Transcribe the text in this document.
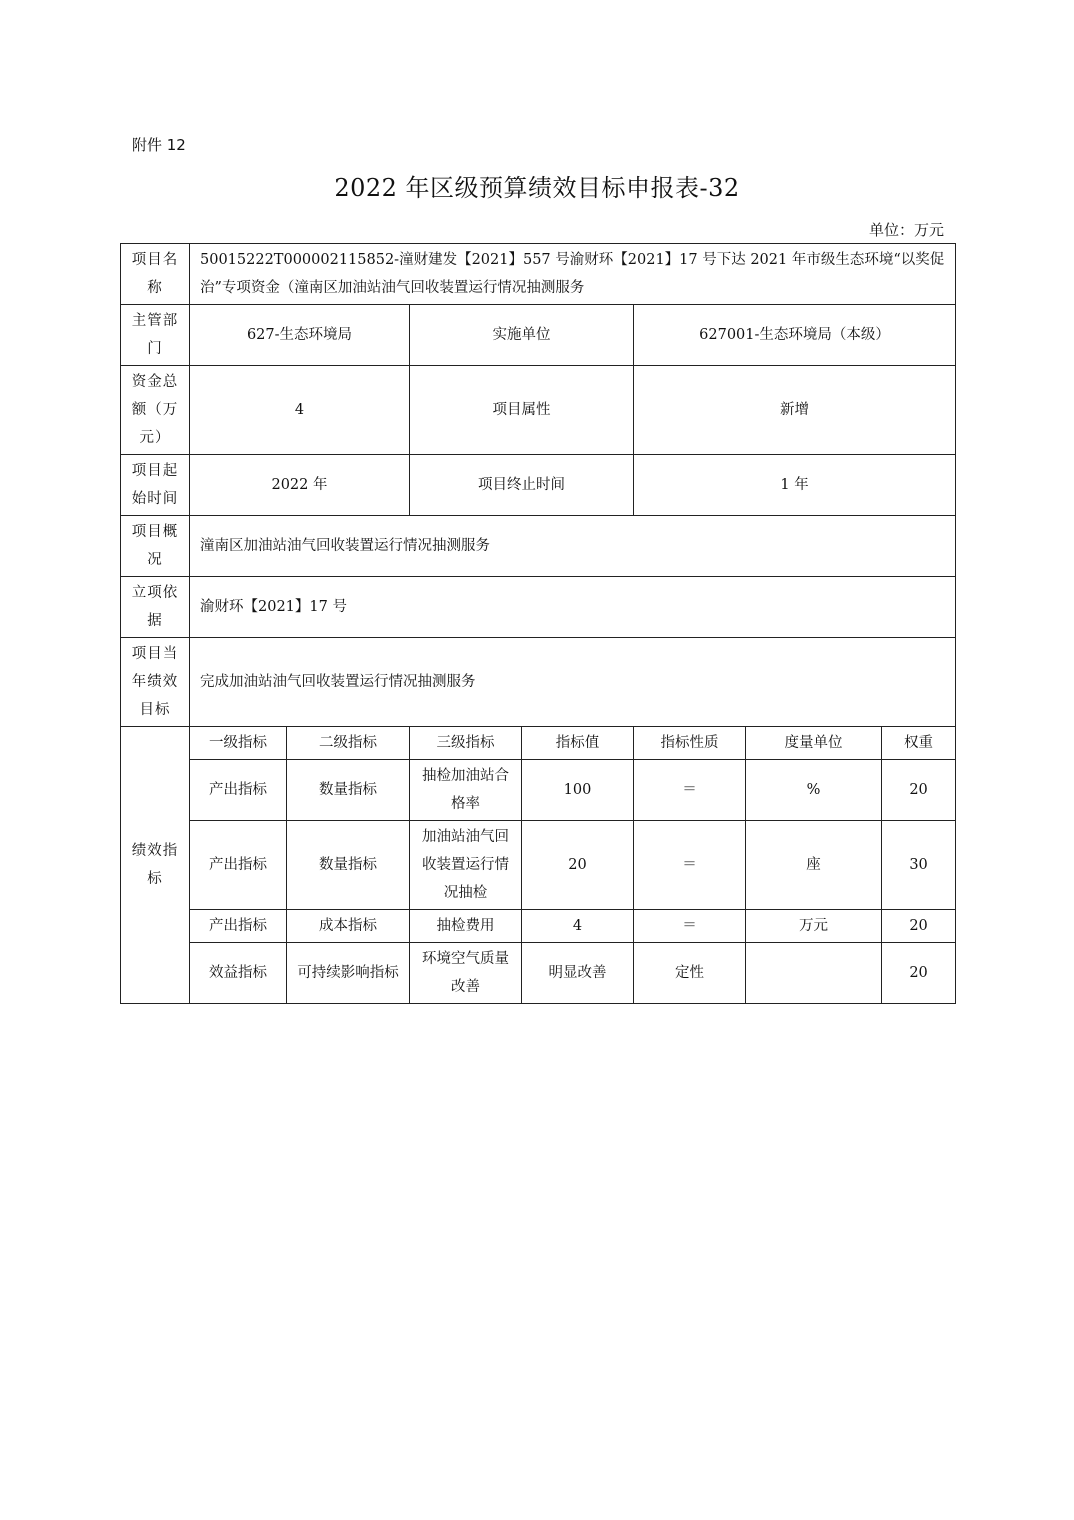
附件 12
2022 年区级预算绩效目标申报表-32
单位：万元
项目名称	50015222T000002115852-潼财建发【2021】557 号渝财环【2021】17 号下达 2021 年市级生态环境“以奖促治”专项资金（潼南区加油站油气回收装置运行情况抽测服务						
主管部门	627-生态环境局		实施单位		627001-生态环境局（本级）		
资金总额（万元）	4		项目属性		新增		
项目起始时间	2022 年		项目终止时间		1 年		
项目概况	潼南区加油站油气回收装置运行情况抽测服务						
立项依据	渝财环【2021】17 号						
项目当年绩效目标	完成加油站油气回收装置运行情况抽测服务						
绩效指标	一级指标	二级指标	三级指标	指标值	指标性质	度量单位	权重
	产出指标	数量指标	抽检加油站合格率	100	＝	%	20
	产出指标	数量指标	加油站油气回收装置运行情况抽检	20	＝	座	30
	产出指标	成本指标	抽检费用	4	＝	万元	20
	效益指标	可持续影响指标	环境空气质量改善	明显改善	定性		20
